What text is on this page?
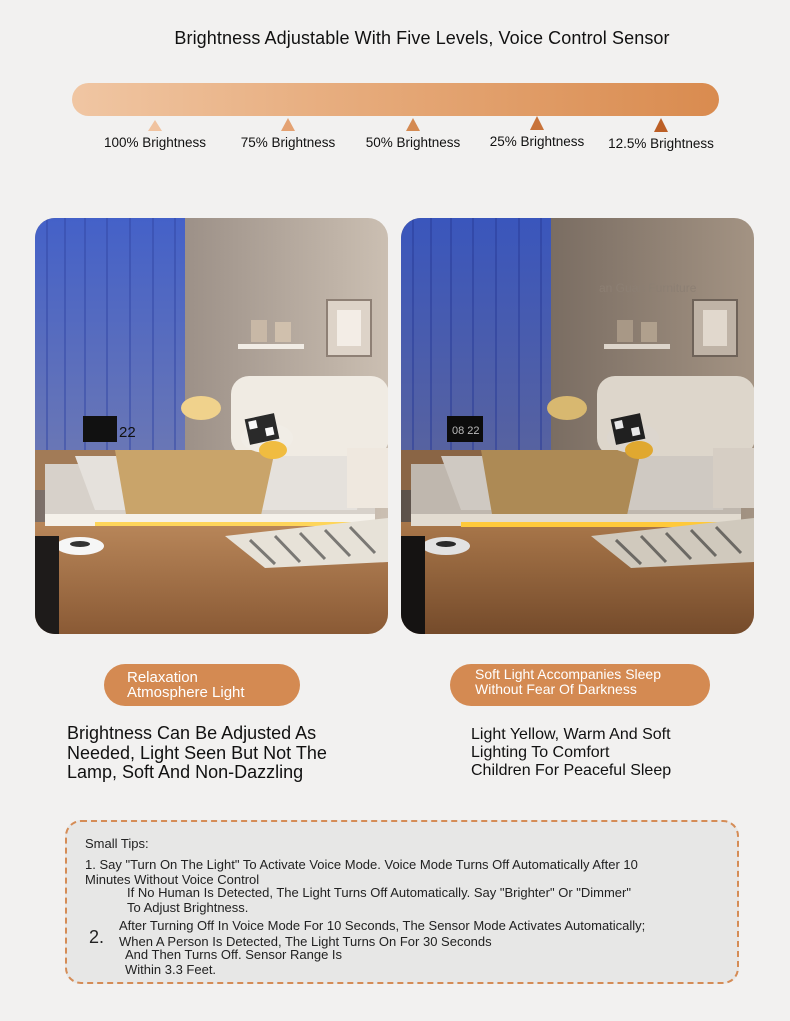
Brightness Adjustable With Five Levels, Voice Control Sensor
100% Brightness	75% Brightness	50% Brightness	25% Brightness	12.5% Brightness
22
an Guan Furniture
08 22
Relaxation
Atmosphere Light
Soft Light Accompanies Sleep
Without Fear Of Darkness
Brightness Can Be Adjusted As
Needed, Light Seen But Not The
Lamp, Soft And Non-Dazzling
Light Yellow, Warm And Soft
Lighting To Comfort
Children For Peaceful Sleep
Small Tips:
1. Say "Turn On The Light" To Activate Voice Mode. Voice Mode Turns Off Automatically After 10
Minutes Without Voice Control
If No Human Is Detected, The Light Turns Off Automatically. Say "Brighter" Or "Dimmer"
To Adjust Brightness.
2.
After Turning Off In Voice Mode For 10 Seconds, The Sensor Mode Activates Automatically;
When A Person Is Detected, The Light Turns On For 30 Seconds
And Then Turns Off. Sensor Range Is
Within 3.3 Feet.
